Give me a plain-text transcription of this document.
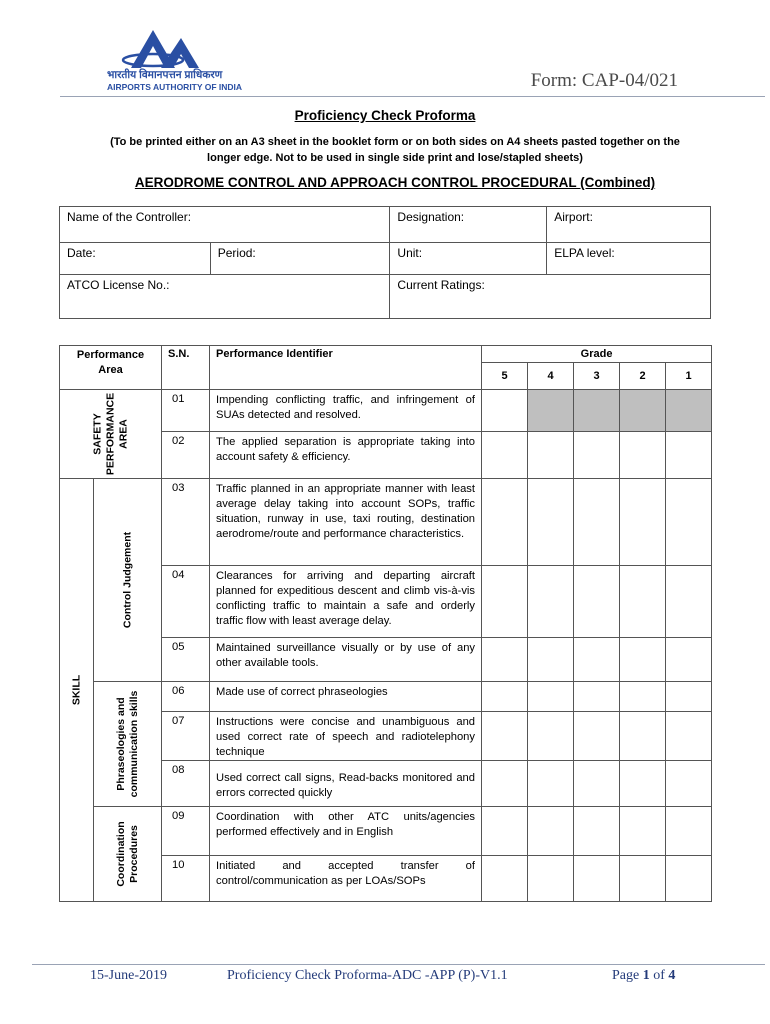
भारतीय विमानपत्तन प्राधिकरण
AIRPORTS AUTHORITY OF INDIA	Form: CAP-04/021
Proficiency Check Proforma
(To be printed either on an A3 sheet in the booklet form or on both sides on A4 sheets pasted together on the
longer edge. Not to be used in single side print and lose/stapled sheets)
AERODROME CONTROL AND APPROACH CONTROL PROCEDURAL (Combined)
Name of the Controller:		Designation:	Airport:
Date:	Period:	Unit:	ELPA level:
ATCO License No.:		Current Ratings:	
Performance Area		S.N.	Performance Identifier	Grade				
				5	4	3	2	1

SAFETY PERFORMANCE AREA		01	Impending conflicting traffic, and infringement of SUAs detected and resolved.					
		02	The applied separation is appropriate taking into account safety & efficiency.					

SKILL	Control Judgement	03	Traffic planned in an appropriate manner with least average delay taking into account SOPs, traffic situation, runway in use, taxi routing, destination aerodrome/route and performance characteristics.					
		04	Clearances for arriving and departing aircraft planned for expeditious descent and climb vis-à-vis conflicting traffic to maintain a safe and orderly traffic flow with least average delay.					
		05	Maintained surveillance visually or by use of any other available tools.					

	Phraseologies and communication skills	06	Made use of correct phraseologies					
		07	Instructions were concise and unambiguous and used correct rate of speech and radiotelephony technique					
		08	Used correct call signs, Read-backs monitored and errors corrected quickly					

	Coordination Procedures	09	Coordination with other ATC units/agencies performed effectively and in English					
		10	Initiated and accepted transfer of control/communication as per LOAs/SOPs					
15-June-2019	Proficiency Check Proforma-ADC -APP (P)-V1.1	Page 1 of 4
